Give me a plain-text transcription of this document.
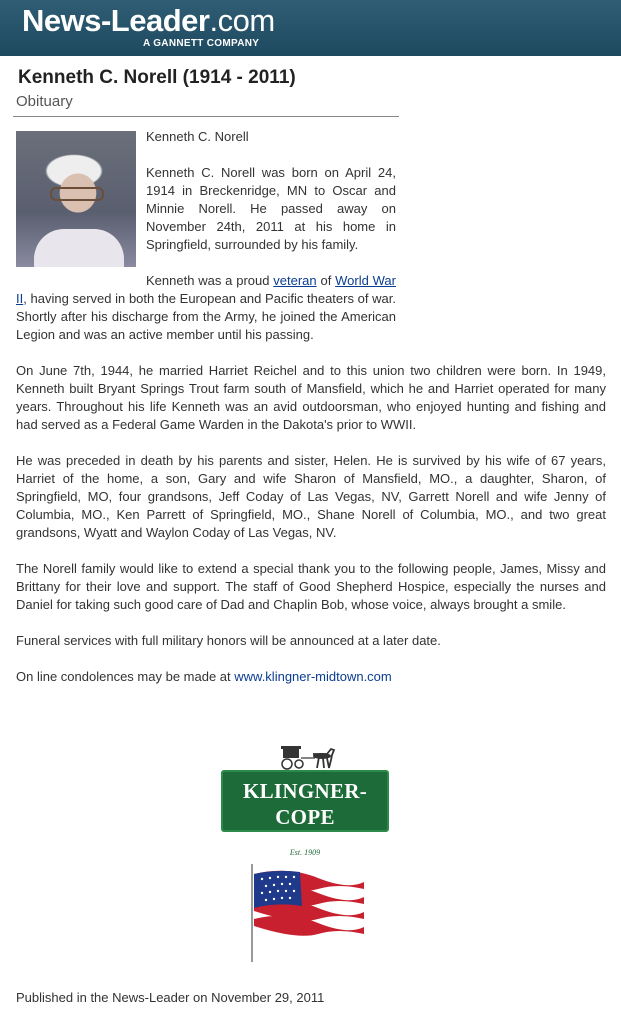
News-Leader.com
A GANNETT COMPANY
Kenneth C. Norell (1914 - 2011)
Obituary

Kenneth C. Norell

Kenneth C. Norell was born on April 24, 1914 in Breckenridge, MN to Oscar and Minnie Norell. He passed away on November 24th, 2011 at his home in Springfield, surrounded by his family.

Kenneth was a proud veteran of World War II, having served in both the European and Pacific theaters of war. Shortly after his discharge from the Army, he joined the American Legion and was an active member until his passing.

On June 7th, 1944, he married Harriet Reichel and to this union two children were born. In 1949, Kenneth built Bryant Springs Trout farm south of Mansfield, which he and Harriet operated for many years. Throughout his life Kenneth was an avid outdoorsman, who enjoyed hunting and fishing and had served as a Federal Game Warden in the Dakota's prior to WWII.

He was preceded in death by his parents and sister, Helen. He is survived by his wife of 67 years, Harriet of the home, a son, Gary and wife Sharon of Mansfield, MO., a daughter, Sharon, of Springfield, MO, four grandsons, Jeff Coday of Las Vegas, NV, Garrett Norell and wife Jenny of Columbia, MO., Ken Parrett of Springfield, MO., Shane Norell of Columbia, MO., and two great grandsons, Wyatt and Waylon Coday of Las Vegas, NV.

The Norell family would like to extend a special thank you to the following people, James, Missy and Brittany for their love and support. The staff of Good Shepherd Hospice, especially the nurses and Daniel for taking such good care of Dad and Chaplin Bob, whose voice, always brought a smile.

Funeral services with full military honors will be announced at a later date.

On line condolences may be made at www.klingner-midtown.com

KLINGNER-COPE
Family Funeral Home
Est. 1909
Published in the News-Leader on November 29, 2011
